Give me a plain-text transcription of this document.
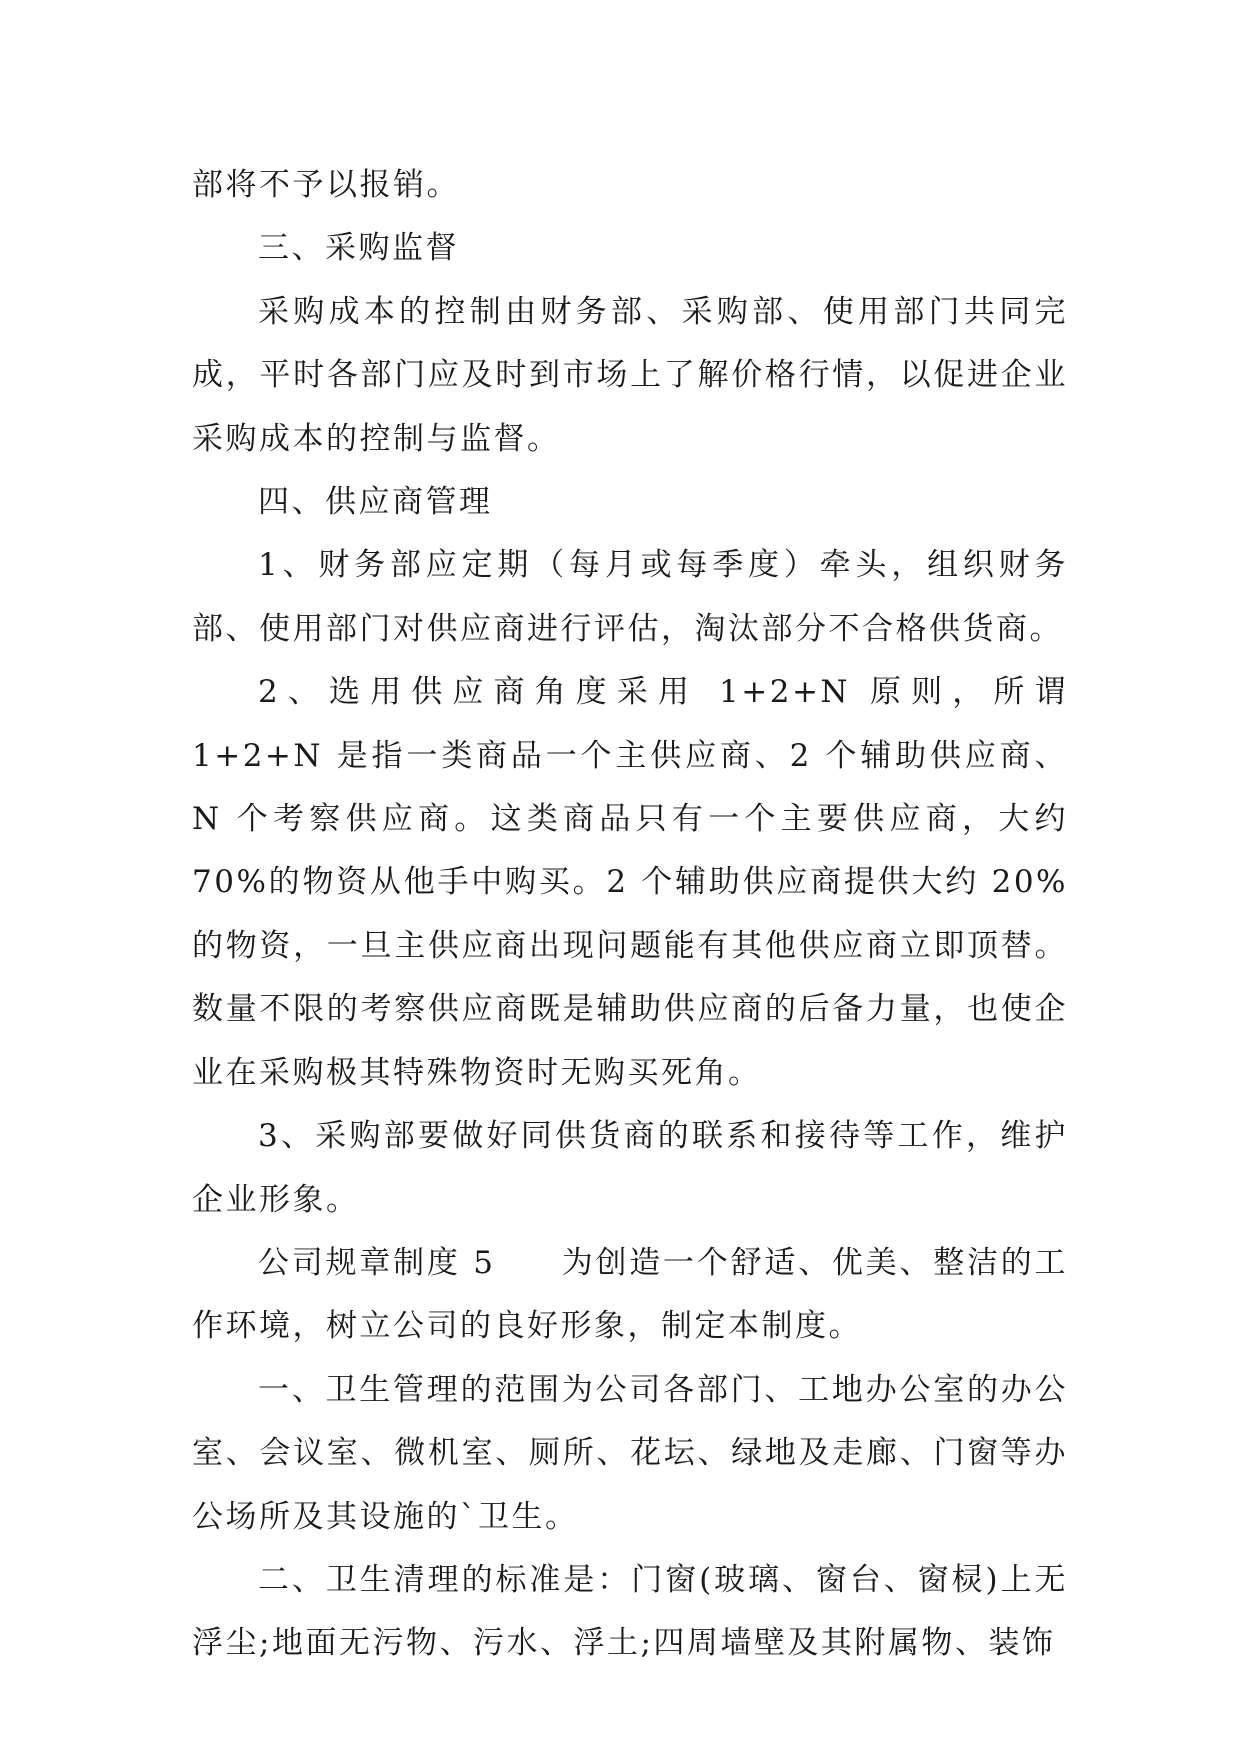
部将不予以报销。

三、采购监督

采购成本的控制由财务部、采购部、使用部门共同完成，平时各部门应及时到市场上了解价格行情，以促进企业采购成本的控制与监督。

四、供应商管理

1、财务部应定期（每月或每季度）牵头，组织财务部、使用部门对供应商进行评估，淘汰部分不合格供货商。

2、选用供应商角度采用 1+2+N 原则，所谓 1+2+N 是指一类商品一个主供应商、2 个辅助供应商、N 个考察供应商。这类商品只有一个主要供应商，大约 70%的物资从他手中购买。2 个辅助供应商提供大约 20%的物资，一旦主供应商出现问题能有其他供应商立即顶替。数量不限的考察供应商既是辅助供应商的后备力量，也使企业在采购极其特殊物资时无购买死角。

3、采购部要做好同供货商的联系和接待等工作，维护企业形象。

公司规章制度 5 为创造一个舒适、优美、整洁的工作环境，树立公司的良好形象，制定本制度。

一、卫生管理的范围为公司各部门、工地办公室的办公室、会议室、微机室、厕所、花坛、绿地及走廊、门窗等办公场所及其设施的`卫生。

二、卫生清理的标准是：门窗(玻璃、窗台、窗棂)上无浮尘;地面无污物、污水、浮土;四周墙壁及其附属物、装饰
